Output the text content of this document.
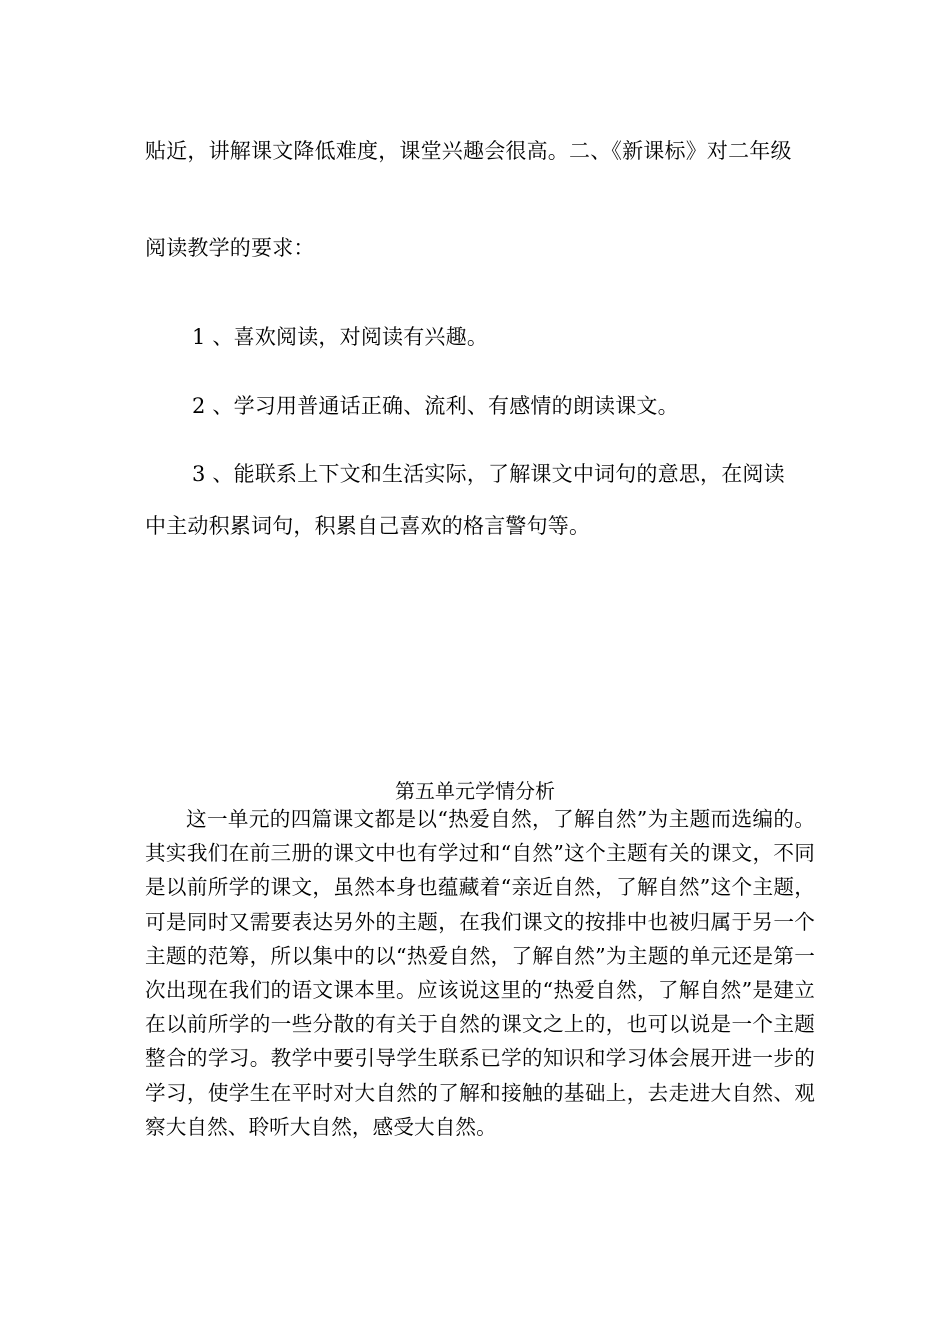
贴近，讲解课文降低难度，课堂兴趣会很高。二、《新课标》对二年级
阅读教学的要求：
1 、喜欢阅读，对阅读有兴趣。
2 、学习用普通话正确、流利、有感情的朗读课文。
3 、能联系上下文和生活实际，了解课文中词句的意思，在阅读
中主动积累词句，积累自己喜欢的格言警句等。
第五单元学情分析
这一单元的四篇课文都是以“热爱自然，了解自然”为主题而选编的。其实我们在前三册的课文中也有学过和“自然”这个主题有关的课文，不同是以前所学的课文，虽然本身也蕴藏着“亲近自然，了解自然”这个主题，可是同时又需要表达另外的主题，在我们课文的按排中也被归属于另一个主题的范筹，所以集中的以“热爱自然，了解自然”为主题的单元还是第一次出现在我们的语文课本里。应该说这里的“热爱自然，了解自然”是建立在以前所学的一些分散的有关于自然的课文之上的，也可以说是一个主题整合的学习。教学中要引导学生联系已学的知识和学习体会展开进一步的学习，使学生在平时对大自然的了解和接触的基础上，去走进大自然、观察大自然、聆听大自然，感受大自然。
